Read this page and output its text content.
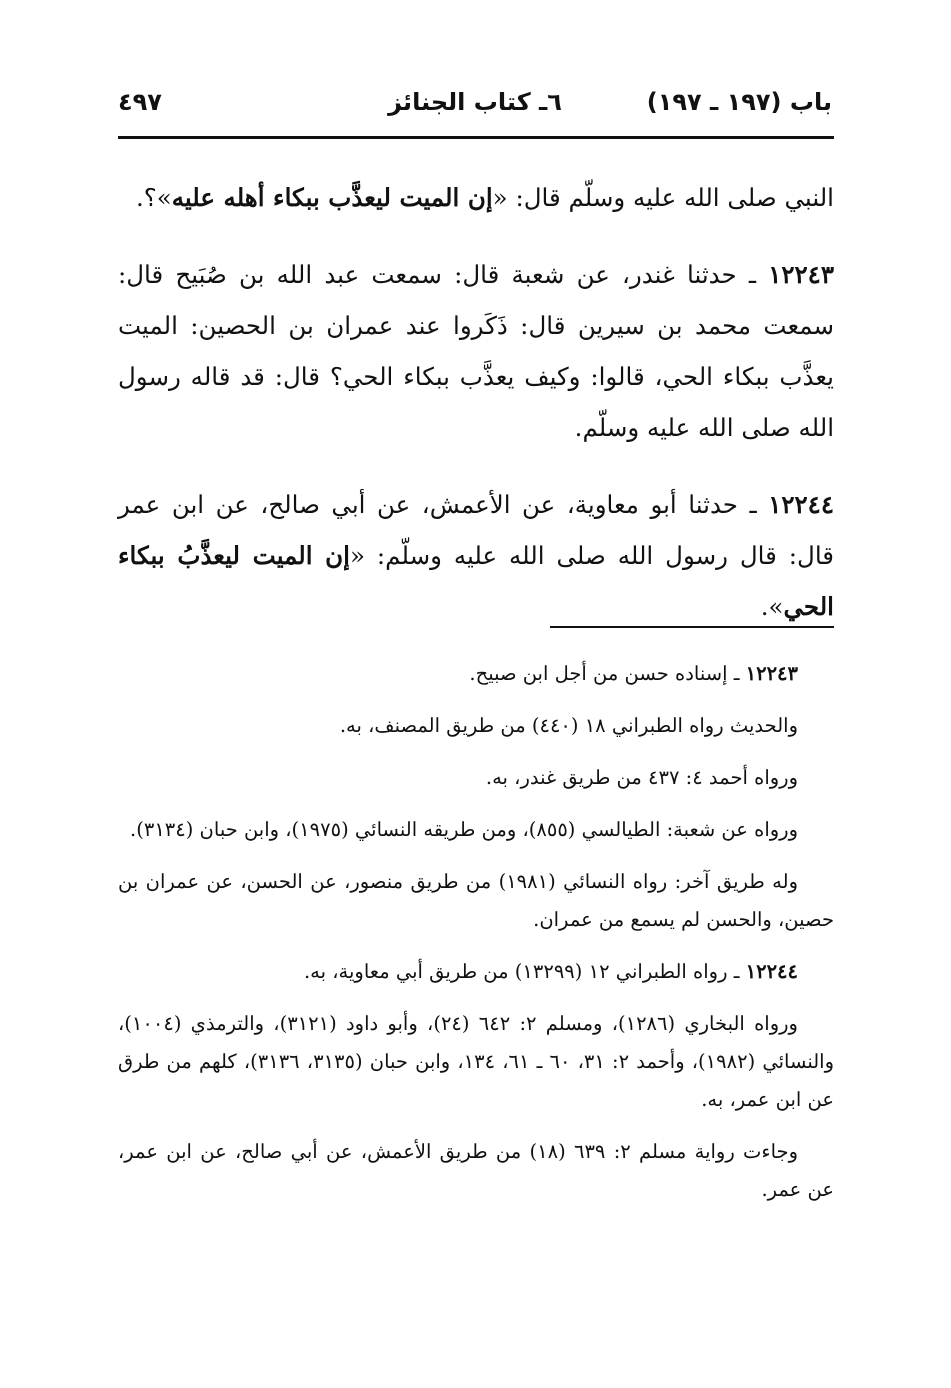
باب (١٩٧ ـ ١٩٧)
٦ـ كتاب الجنائز
٤٩٧

النبي صلى الله عليه وسلّم قال: «إن الميت ليعذَّب ببكاء أهله عليه»؟.

١٢٢٤٣ ـ حدثنا غندر، عن شعبة قال: سمعت عبد الله بن صُبَيح قال: سمعت محمد بن سيرين قال: ذَكَروا عند عمران بن الحصين: الميت يعذَّب ببكاء الحي، قالوا: وكيف يعذَّب ببكاء الحي؟ قال: قد قاله رسول الله صلى الله عليه وسلّم.

١٢٢٤٤ ـ حدثنا أبو معاوية، عن الأعمش، عن أبي صالح، عن ابن عمر قال: قال رسول الله صلى الله عليه وسلّم: «إن الميت ليعذَّبُ ببكاء الحي».

١٢٢٤٣ ـ إسناده حسن من أجل ابن صبيح.

والحديث رواه الطبراني ١٨ (٤٤٠) من طريق المصنف، به.

ورواه أحمد ٤: ٤٣٧ من طريق غندر، به.

ورواه عن شعبة: الطيالسي (٨٥٥)، ومن طريقه النسائي (١٩٧٥)، وابن حبان (٣١٣٤).

وله طريق آخر: رواه النسائي (١٩٨١) من طريق منصور، عن الحسن، عن عمران بن حصين، والحسن لم يسمع من عمران.

١٢٢٤٤ ـ رواه الطبراني ١٢ (١٣٢٩٩) من طريق أبي معاوية، به.

ورواه البخاري (١٢٨٦)، ومسلم ٢: ٦٤٢ (٢٤)، وأبو داود (٣١٢١)، والترمذي (١٠٠٤)، والنسائي (١٩٨٢)، وأحمد ٢: ٣١، ٦٠ ـ ٦١، ١٣٤، وابن حبان (٣١٣٥، ٣١٣٦)، كلهم من طرق عن ابن عمر، به.

وجاءت رواية مسلم ٢: ٦٣٩ (١٨) من طريق الأعمش، عن أبي صالح، عن ابن عمر، عن عمر.
